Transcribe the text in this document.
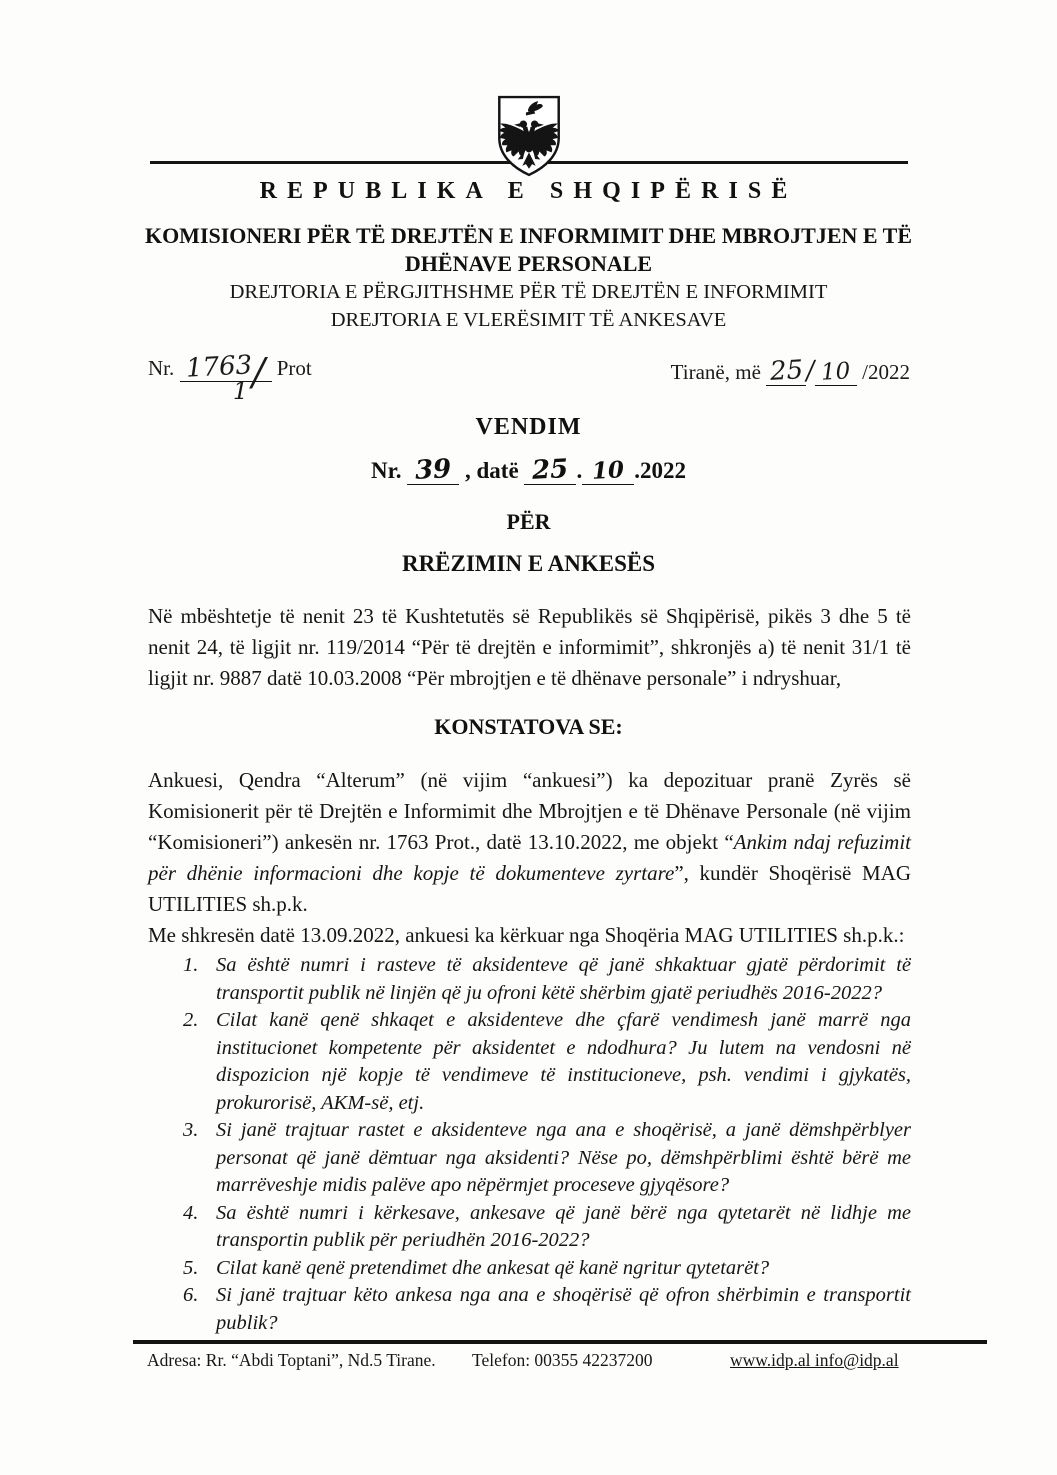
REPUBLIKA E SHQIPËRISË
KOMISIONERI PËR TË DREJTËN E INFORMIMIT DHE MBROJTJEN E TË DHËNAVE PERSONALE
DREJTORIA E PËRGJITHSHME PËR TË DREJTËN E INFORMIMIT
DREJTORIA E VLERËSIMIT TË ANKESAVE
Nr. 1763/
1
Prot	Tiranë, më 25/ 10 /2022
VENDIM
Nr. 39 , datë 25 . 10 .2022
PËR
RRËZIMIN E ANKESËS
Në mbështetje të nenit 23 të Kushtetutës së Republikës së Shqipërisë, pikës 3 dhe 5 të nenit 24, të ligjit nr. 119/2014 “Për të drejtën e informimit”, shkronjës a) të nenit 31/1 të ligjit nr. 9887 datë 10.03.2008 “Për mbrojtjen e të dhënave personale” i ndryshuar,
KONSTATOVA SE:
Ankuesi, Qendra “Alterum” (në vijim “ankuesi”) ka depozituar pranë Zyrës së Komisionerit për të Drejtën e Informimit dhe Mbrojtjen e të Dhënave Personale (në vijim “Komisioneri”) ankesën nr. 1763 Prot., datë 13.10.2022, me objekt “Ankim ndaj refuzimit për dhënie informacioni dhe kopje të dokumenteve zyrtare”, kundër Shoqërisë MAG UTILITIES sh.p.k.
Me shkresën datë 13.09.2022, ankuesi ka kërkuar nga Shoqëria MAG UTILITIES sh.p.k.:
1. Sa është numri i rasteve të aksidenteve që janë shkaktuar gjatë përdorimit të transportit publik në linjën që ju ofroni këtë shërbim gjatë periudhës 2016-2022?
2. Cilat kanë qenë shkaqet e aksidenteve dhe çfarë vendimesh janë marrë nga institucionet kompetente për aksidentet e ndodhura? Ju lutem na vendosni në dispozicion një kopje të vendimeve të institucioneve, psh. vendimi i gjykatës, prokurorisë, AKM-së, etj.
3. Si janë trajtuar rastet e aksidenteve nga ana e shoqërisë, a janë dëmshpërblyer personat që janë dëmtuar nga aksidenti? Nëse po, dëmshpërblimi është bërë me marrëveshje midis palëve apo nëpërmjet proceseve gjyqësore?
4. Sa është numri i kërkesave, ankesave që janë bërë nga qytetarët në lidhje me transportin publik për periudhën 2016-2022?
5. Cilat kanë qenë pretendimet dhe ankesat që kanë ngritur qytetarët?
6. Si janë trajtuar këto ankesa nga ana e shoqërisë që ofron shërbimin e transportit publik?
Adresa: Rr. “Abdi Toptani”, Nd.5 Tirane. Telefon: 00355 42237200	www.idp.al info@idp.al
